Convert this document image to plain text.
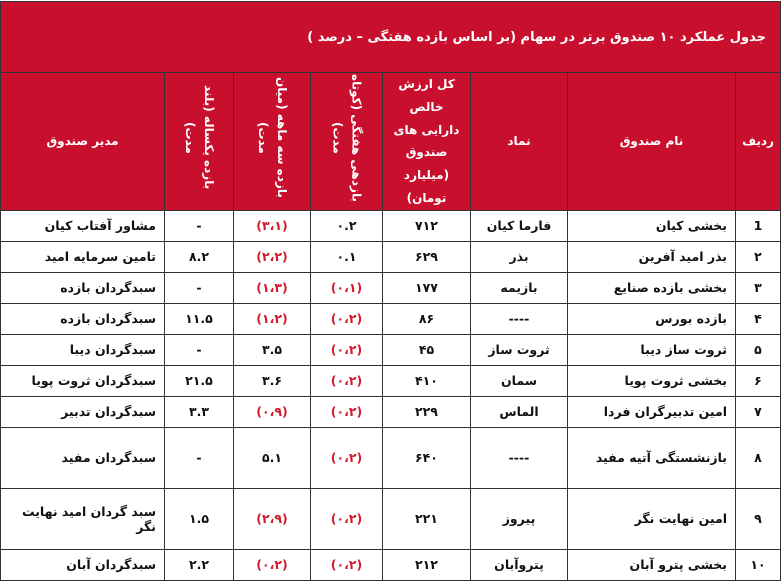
جدول عملکرد ۱۰ صندوق برتر در سهام (بر اساس بازده هفتگی – درصد )							
ردیف	نام صندوق	نماد	کل ارزش خالص دارایی های صندوق (میلیارد تومان)	بازدهی هفتگی (کوتاه مدت)	بازده سه ماهه (میان مدت)	بازده یکساله (بلند مدت)	مدیر صندوق
1	بخشی کیان	فارما کیان	۷۱۲	۰.۲	(۳،۱)	-	مشاور آفتاب کیان
۲	بذر امید آفرین	بذر	۶۲۹	۰.۱	(۲،۲)	۸.۲	تامین سرمایه امید
۳	بخشی بازده صنایع	بازیمه	۱۷۷	(۰،۱)	(۱،۳)	-	سبدگردان بازده
۴	بازده بورس	----	۸۶	(۰،۲)	(۱،۲)	۱۱.۵	سبدگردان بازده
۵	ثروت ساز دیبا	ثروت ساز	۴۵	(۰،۲)	۳.۵	-	سبدگردان دیبا
۶	بخشی ثروت پویا	سمان	۴۱۰	(۰،۲)	۳.۶	۲۱.۵	سبدگردان ثروت پویا
۷	امین تدبیرگران فردا	الماس	۲۲۹	(۰،۲)	(۰،۹)	۳.۳	سبدگردان تدبیر
۸	بازنشستگی آتیه مفید	----	۶۴۰	(۰،۲)	۵.۱	-	سبدگردان مفید
۹	امین نهایت نگر	پیروز	۲۲۱	(۰،۲)	(۲،۹)	۱.۵	سبد گردان امید نهایت نگر
۱۰	بخشی پترو آبان	پتروآبان	۲۱۲	(۰،۲)	(۰،۲)	۲.۲	سبدگردان آبان
